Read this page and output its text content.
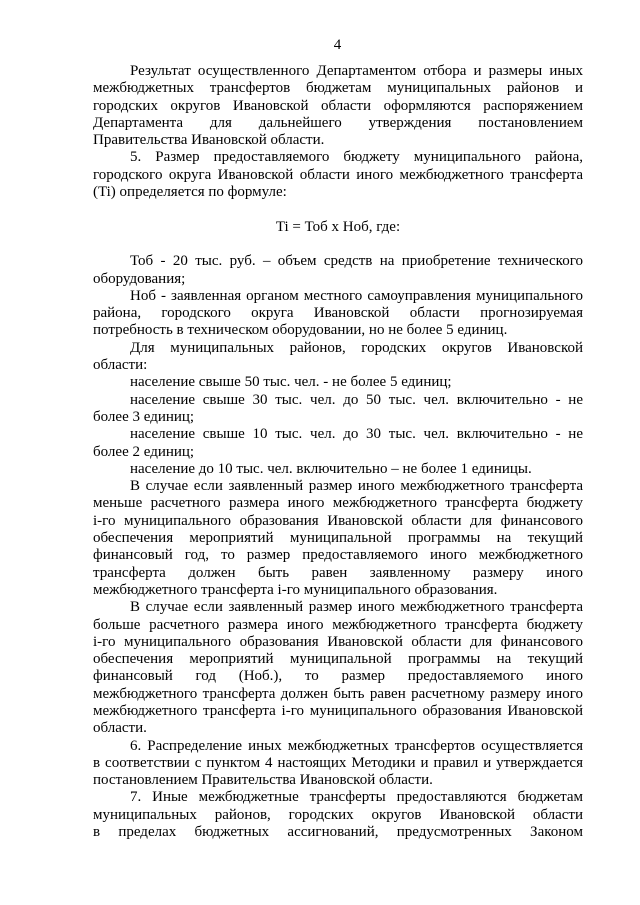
4
Результат осуществленного Департаментом отбора и размеры иных
межбюджетных трансфертов бюджетам муниципальных районов и
городских округов Ивановской области оформляются распоряжением
Департамента для дальнейшего утверждения постановлением
Правительства Ивановской области.
5. Размер предоставляемого бюджету муниципального района,
городского округа Ивановской области иного межбюджетного трансферта
(Ti) определяется по формуле:
Ti = Тоб х Ноб, где:
Тоб - 20 тыс. руб. – объем средств на приобретение технического
оборудования;
Ноб - заявленная органом местного самоуправления муниципального
района, городского округа Ивановской области прогнозируемая
потребность в техническом оборудовании, но не более 5 единиц.
Для муниципальных районов, городских округов Ивановской
области:
население свыше 50 тыс. чел. - не более 5 единиц;
население свыше 30 тыс. чел. до 50 тыс. чел. включительно - не
более 3 единиц;
население свыше 10 тыс. чел. до 30 тыс. чел. включительно - не
более 2 единиц;
население до 10 тыс. чел. включительно – не более 1 единицы.
В случае если заявленный размер иного межбюджетного трансферта
меньше расчетного размера иного межбюджетного трансферта бюджету
i-го муниципального образования Ивановской области для финансового
обеспечения мероприятий муниципальной программы на текущий
финансовый год, то размер предоставляемого иного межбюджетного
трансферта должен быть равен заявленному размеру иного
межбюджетного трансферта i-го муниципального образования.
В случае если заявленный размер иного межбюджетного трансферта
больше расчетного размера иного межбюджетного трансферта бюджету
i-го муниципального образования Ивановской области для финансового
обеспечения мероприятий муниципальной программы на текущий
финансовый год (Ноб.), то размер предоставляемого иного
межбюджетного трансферта должен быть равен расчетному размеру иного
межбюджетного трансферта i-го муниципального образования Ивановской
области.
6. Распределение иных межбюджетных трансфертов осуществляется
в соответствии с пунктом 4 настоящих Методики и правил и утверждается
постановлением Правительства Ивановской области.
7. Иные межбюджетные трансферты предоставляются бюджетам
муниципальных районов, городских округов Ивановской области
в пределах бюджетных ассигнований, предусмотренных Законом
